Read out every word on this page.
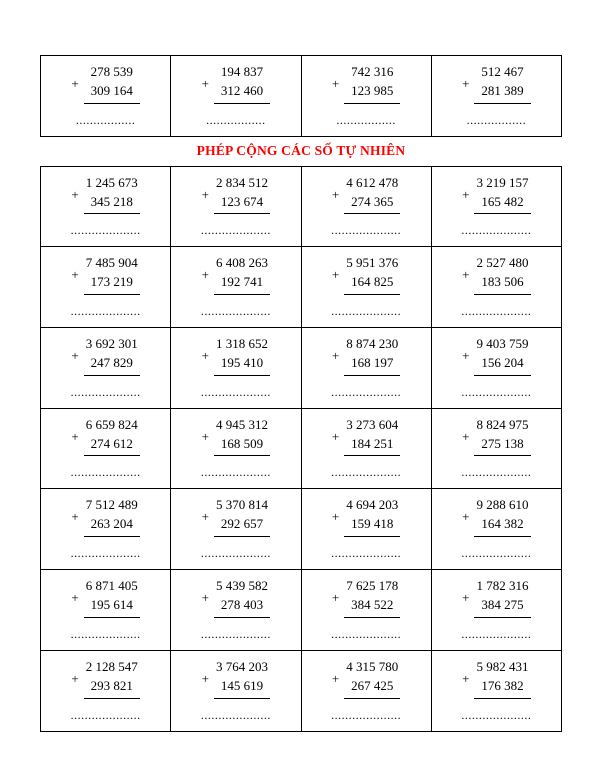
+
278 539
309 164
.................

+
194 837
312 460
.................

+
742 316
123 985
.................

+
512 467
281 389
.................
PHÉP CỘNG CÁC SỐ TỰ NHIÊN
+
1 245 673
345 218
....................

+
2 834 512
123 674
....................

+
4 612 478
274 365
....................

+
3 219 157
165 482
....................

+
7 485 904
173 219
....................

+
6 408 263
192 741
....................

+
5 951 376
164 825
....................

+
2 527 480
183 506
....................

+
3 692 301
247 829
....................

+
1 318 652
195 410
....................

+
8 874 230
168 197
....................

+
9 403 759
156 204
....................

+
6 659 824
274 612
....................

+
4 945 312
168 509
....................

+
3 273 604
184 251
....................

+
8 824 975
275 138
....................

+
7 512 489
263 204
....................

+
5 370 814
292 657
....................

+
4 694 203
159 418
....................

+
9 288 610
164 382
....................

+
6 871 405
195 614
....................

+
5 439 582
278 403
....................

+
7 625 178
384 522
....................

+
1 782 316
384 275
....................

+
2 128 547
293 821
....................

+
3 764 203
145 619
....................

+
4 315 780
267 425
....................

+
5 982 431
176 382
....................
